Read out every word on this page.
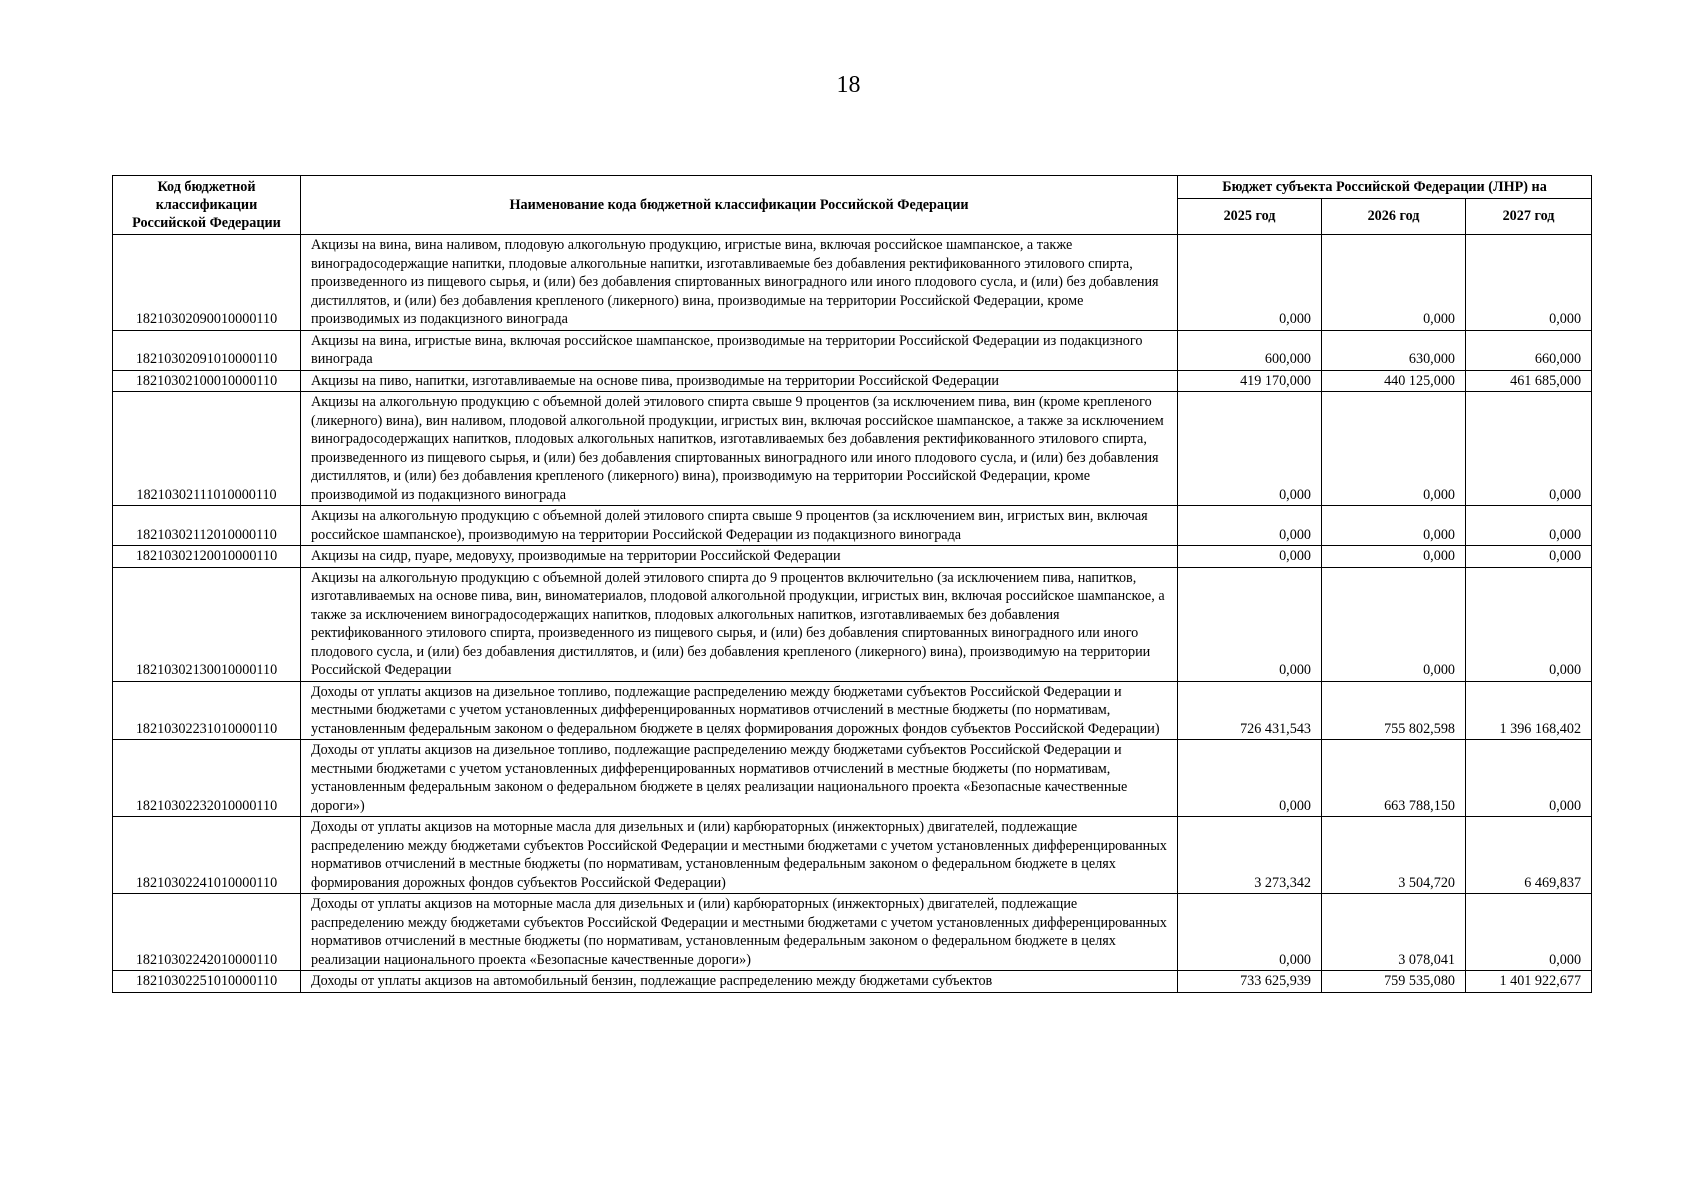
18
Код бюджетной классификации Российской Федерации	Наименование кода бюджетной классификации Российской Федерации	Бюджет субъекта Российской Федерации (ЛНР) на		
		2025 год	2026 год	2027 год
18210302090010000110	Акцизы на вина, вина наливом, плодовую алкогольную продукцию, игристые вина, включая российское шампанское, а также виноградосодержащие напитки, плодовые алкогольные напитки, изготавливаемые без добавления ректификованного этилового спирта, произведенного из пищевого сырья, и (или) без добавления спиртованных виноградного или иного плодового сусла, и (или) без добавления дистиллятов, и (или) без добавления крепленого (ликерного) вина, производимые на территории Российской Федерации, кроме производимых из подакцизного винограда	0,000	0,000	0,000
18210302091010000110	Акцизы на вина, игристые вина, включая российское шампанское, производимые на территории Российской Федерации из подакцизного винограда	600,000	630,000	660,000
18210302100010000110	Акцизы на пиво, напитки, изготавливаемые на основе пива, производимые на территории Российской Федерации	419 170,000	440 125,000	461 685,000
18210302111010000110	Акцизы на алкогольную продукцию с объемной долей этилового спирта свыше 9 процентов (за исключением пива, вин (кроме крепленого (ликерного) вина), вин наливом, плодовой алкогольной продукции, игристых вин, включая российское шампанское, а также за исключением виноградосодержащих напитков, плодовых алкогольных напитков, изготавливаемых без добавления ректификованного этилового спирта, произведенного из пищевого сырья, и (или) без добавления спиртованных виноградного или иного плодового сусла, и (или) без добавления дистиллятов, и (или) без добавления крепленого (ликерного) вина), производимую на территории Российской Федерации, кроме производимой из подакцизного винограда	0,000	0,000	0,000
18210302112010000110	Акцизы на алкогольную продукцию с объемной долей этилового спирта свыше 9 процентов (за исключением вин, игристых вин, включая российское шампанское), производимую на территории Российской Федерации из подакцизного винограда	0,000	0,000	0,000
18210302120010000110	Акцизы на сидр, пуаре, медовуху, производимые на территории Российской Федерации	0,000	0,000	0,000
18210302130010000110	Акцизы на алкогольную продукцию с объемной долей этилового спирта до 9 процентов включительно (за исключением пива, напитков, изготавливаемых на основе пива, вин, виноматериалов, плодовой алкогольной продукции, игристых вин, включая российское шампанское, а также за исключением виноградосодержащих напитков, плодовых алкогольных напитков, изготавливаемых без добавления ректификованного этилового спирта, произведенного из пищевого сырья, и (или) без добавления спиртованных виноградного или иного плодового сусла, и (или) без добавления дистиллятов, и (или) без добавления крепленого (ликерного) вина), производимую на территории Российской Федерации	0,000	0,000	0,000
18210302231010000110	Доходы от уплаты акцизов на дизельное топливо, подлежащие распределению между бюджетами субъектов Российской Федерации и местными бюджетами с учетом установленных дифференцированных нормативов отчислений в местные бюджеты (по нормативам, установленным федеральным законом о федеральном бюджете в целях формирования дорожных фондов субъектов Российской Федерации)	726 431,543	755 802,598	1 396 168,402
18210302232010000110	Доходы от уплаты акцизов на дизельное топливо, подлежащие распределению между бюджетами субъектов Российской Федерации и местными бюджетами с учетом установленных дифференцированных нормативов отчислений в местные бюджеты (по нормативам, установленным федеральным законом о федеральном бюджете в целях реализации национального проекта «Безопасные качественные дороги»)	0,000	663 788,150	0,000
18210302241010000110	Доходы от уплаты акцизов на моторные масла для дизельных и (или) карбюраторных (инжекторных) двигателей, подлежащие распределению между бюджетами субъектов Российской Федерации и местными бюджетами с учетом установленных дифференцированных нормативов отчислений в местные бюджеты (по нормативам, установленным федеральным законом о федеральном бюджете в целях формирования дорожных фондов субъектов Российской Федерации)	3 273,342	3 504,720	6 469,837
18210302242010000110	Доходы от уплаты акцизов на моторные масла для дизельных и (или) карбюраторных (инжекторных) двигателей, подлежащие распределению между бюджетами субъектов Российской Федерации и местными бюджетами с учетом установленных дифференцированных нормативов отчислений в местные бюджеты (по нормативам, установленным федеральным законом о федеральном бюджете в целях реализации национального проекта «Безопасные качественные дороги»)	0,000	3 078,041	0,000
18210302251010000110	Доходы от уплаты акцизов на автомобильный бензин, подлежащие распределению между бюджетами субъектов	733 625,939	759 535,080	1 401 922,677
